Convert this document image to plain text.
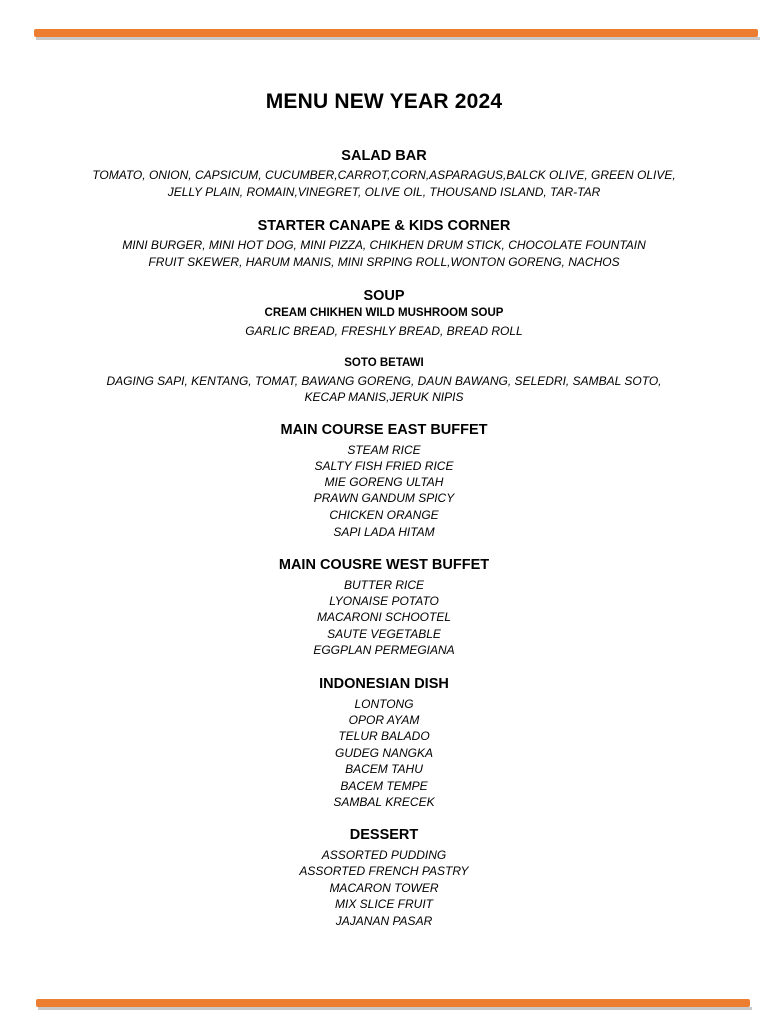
MENU NEW YEAR 2024
SALAD BAR
TOMATO, ONION, CAPSICUM, CUCUMBER,CARROT,CORN,ASPARAGUS,BALCK OLIVE, GREEN OLIVE,
JELLY PLAIN, ROMAIN,VINEGRET, OLIVE OIL, THOUSAND ISLAND, TAR-TAR
STARTER CANAPE & KIDS CORNER
MINI BURGER, MINI HOT DOG, MINI PIZZA, CHIKHEN DRUM STICK, CHOCOLATE FOUNTAIN
FRUIT SKEWER, HARUM MANIS, MINI SRPING ROLL,WONTON GORENG, NACHOS
SOUP
CREAM CHIKHEN WILD MUSHROOM SOUP
GARLIC BREAD, FRESHLY BREAD, BREAD ROLL
SOTO BETAWI
DAGING SAPI, KENTANG, TOMAT, BAWANG GORENG, DAUN BAWANG, SELEDRI, SAMBAL SOTO,
KECAP MANIS,JERUK NIPIS
MAIN COURSE EAST BUFFET
STEAM RICE
SALTY FISH FRIED RICE
MIE GORENG ULTAH
PRAWN GANDUM SPICY
CHICKEN ORANGE
SAPI LADA HITAM
MAIN COUSRE WEST BUFFET
BUTTER RICE
LYONAISE POTATO
MACARONI SCHOOTEL
SAUTE VEGETABLE
EGGPLAN PERMEGIANA
INDONESIAN DISH
LONTONG
OPOR AYAM
TELUR BALADO
GUDEG NANGKA
BACEM TAHU
BACEM TEMPE
SAMBAL KRECEK
DESSERT
ASSORTED PUDDING
ASSORTED FRENCH PASTRY
MACARON TOWER
MIX SLICE FRUIT
JAJANAN PASAR
